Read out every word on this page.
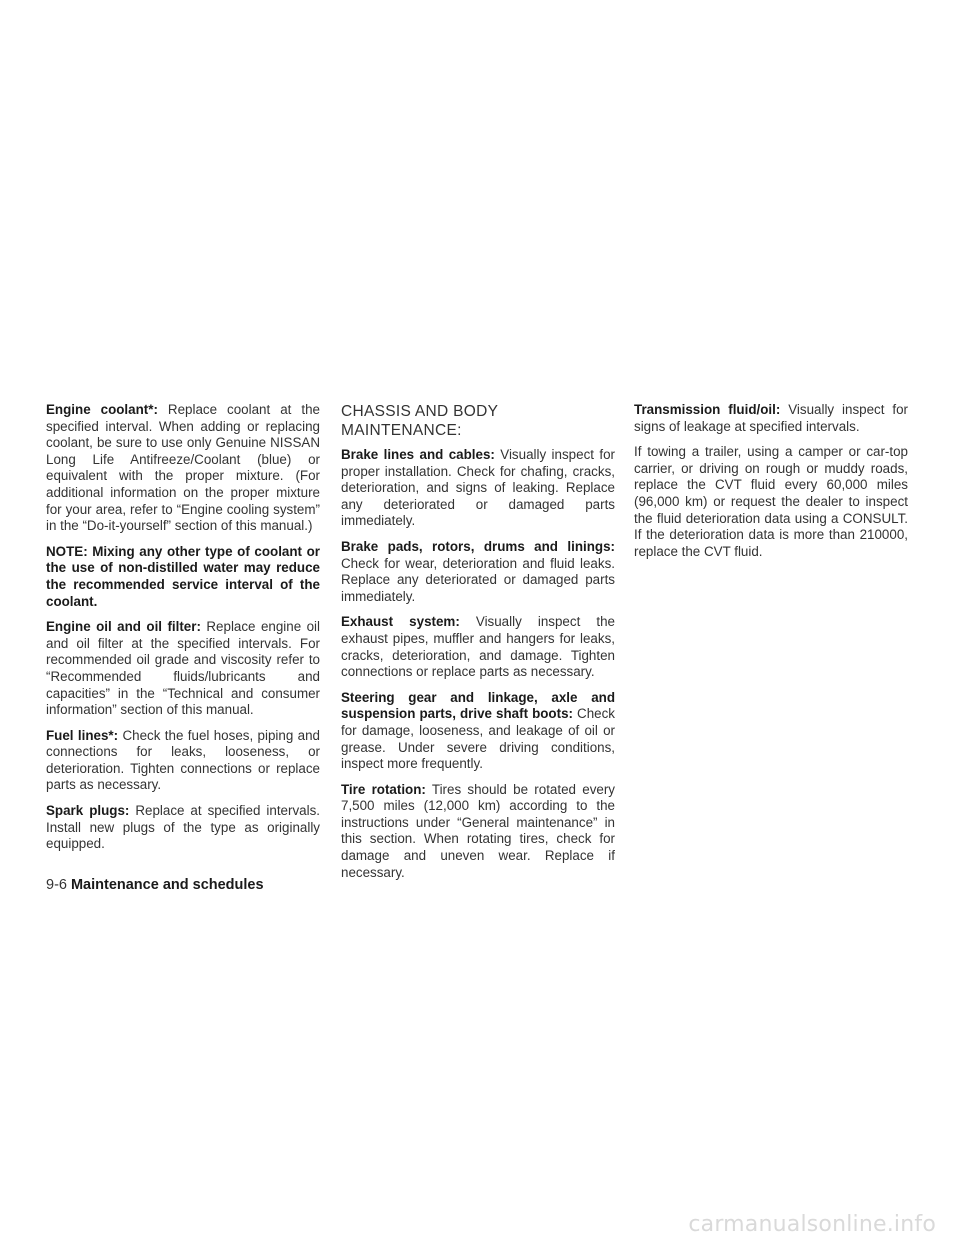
Engine coolant*: Replace coolant at the specified interval. When adding or replacing coolant, be sure to use only Genuine NISSAN Long Life Antifreeze/Coolant (blue) or equivalent with the proper mixture. (For additional information on the proper mixture for your area, refer to “Engine cooling system” in the “Do-it-yourself” section of this manual.)

NOTE: Mixing any other type of coolant or the use of non-distilled water may reduce the recommended service interval of the coolant.

Engine oil and oil filter: Replace engine oil and oil filter at the specified intervals. For recommended oil grade and viscosity refer to “Recommended fluids/lubricants and capacities” in the “Technical and consumer information” section of this manual.

Fuel lines*: Check the fuel hoses, piping and connections for leaks, looseness, or deterioration. Tighten connections or replace parts as necessary.

Spark plugs: Replace at specified intervals. Install new plugs of the type as originally equipped.

CHASSIS AND BODY MAINTENANCE:

Brake lines and cables: Visually inspect for proper installation. Check for chafing, cracks, deterioration, and signs of leaking. Replace any deteriorated or damaged parts immediately.

Brake pads, rotors, drums and linings: Check for wear, deterioration and fluid leaks. Replace any deteriorated or damaged parts immediately.

Exhaust system: Visually inspect the exhaust pipes, muffler and hangers for leaks, cracks, deterioration, and damage. Tighten connections or replace parts as necessary.

Steering gear and linkage, axle and suspension parts, drive shaft boots: Check for damage, looseness, and leakage of oil or grease. Under severe driving conditions, inspect more frequently.

Tire rotation: Tires should be rotated every 7,500 miles (12,000 km) according to the instructions under “General maintenance” in this section. When rotating tires, check for damage and uneven wear. Replace if necessary.

Transmission fluid/oil: Visually inspect for signs of leakage at specified intervals.

If towing a trailer, using a camper or car-top carrier, or driving on rough or muddy roads, replace the CVT fluid every 60,000 miles (96,000 km) or request the dealer to inspect the fluid deterioration data using a CONSULT. If the deterioration data is more than 210000, replace the CVT fluid.

9-6 Maintenance and schedules
carmanualsonline.info
